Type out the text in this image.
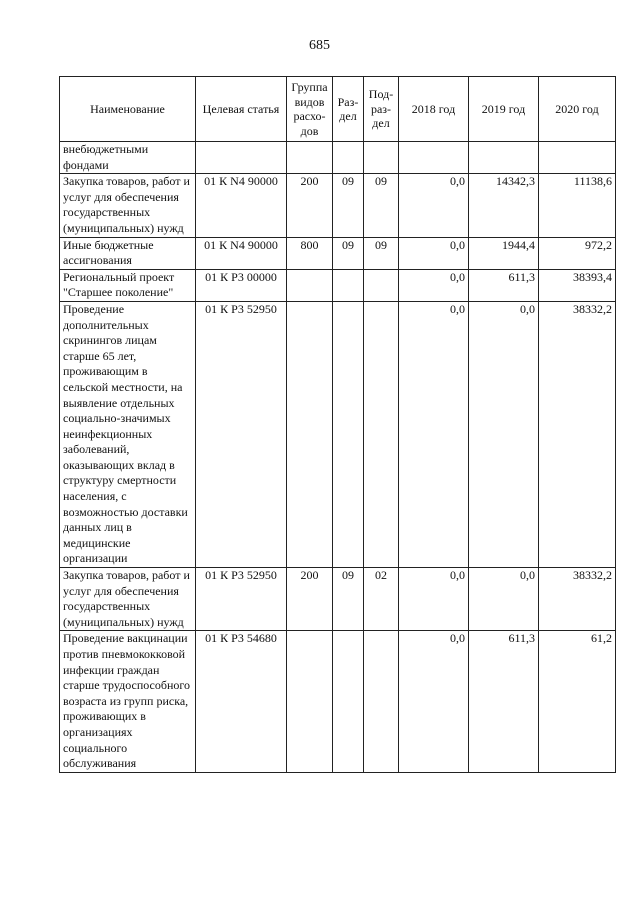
685
Наименование	Целевая статья	Группа видов расхо-дов	Раз-дел	Под-раз-дел	2018 год	2019 год	2020 год
внебюджетными фондами							
Закупка товаров, работ и услуг для обеспечения государственных (муниципальных) нужд	01 К N4 90000	200	09	09	0,0	14342,3	11138,6
Иные бюджетные ассигнования	01 К N4 90000	800	09	09	0,0	1944,4	972,2
Региональный проект "Старшее поколение"	01 К P3 00000				0,0	611,3	38393,4
Проведение дополнительных скринингов лицам старше 65 лет, проживающим в сельской местности, на выявление отдельных социально-значимых неинфекционных заболеваний, оказывающих вклад в структуру смертности населения, с возможностью доставки данных лиц в медицинские организации	01 К P3 52950				0,0	0,0	38332,2
Закупка товаров, работ и услуг для обеспечения государственных (муниципальных) нужд	01 К P3 52950	200	09	02	0,0	0,0	38332,2
Проведение вакцинации против пневмококковой инфекции граждан старше трудоспособного возраста из групп риска, проживающих в организациях социального обслуживания	01 К P3 54680				0,0	611,3	61,2
